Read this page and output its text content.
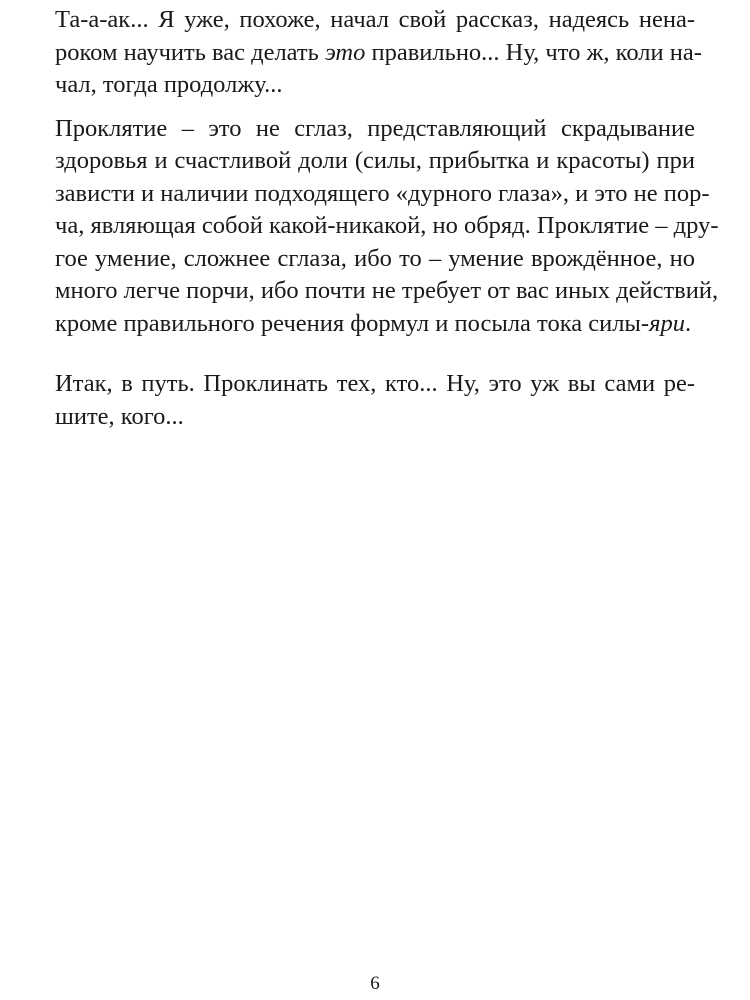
Та-а-ак... Я уже, похоже, начал свой рассказ, надеясь нена-
роком научить вас делать это правильно... Ну, что ж, коли на-
чал, тогда продолжу...
Проклятие – это не сглаз, представляющий скрадывание
здоровья и счастливой доли (силы, прибытка и красоты) при
зависти и наличии подходящего «дурного глаза», и это не пор-
ча, являющая собой какой-никакой, но обряд. Проклятие – дру-
гое умение, сложнее сглаза, ибо то – умение врождённое, но
много легче порчи, ибо почти не требует от вас иных действий,
кроме правильного речения формул и посыла тока силы-яри.
Итак, в путь. Проклинать тех, кто... Ну, это уж вы сами ре-
шите, кого...
6
